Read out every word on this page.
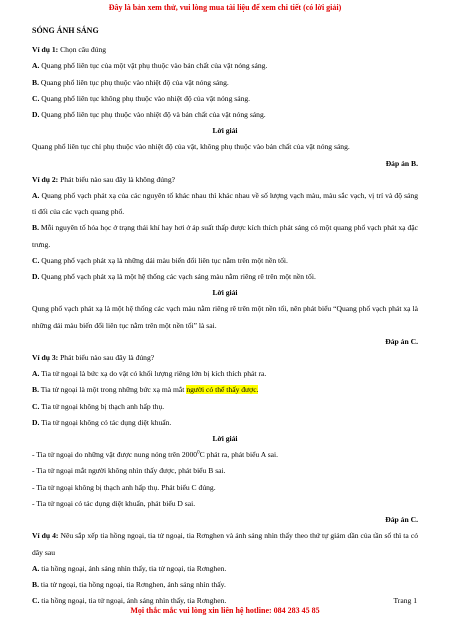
Đây là bản xem thử, vui lòng mua tài liệu để xem chi tiết (có lời giải)
SÓNG ÁNH SÁNG
Ví dụ 1: Chọn câu đúng
A. Quang phổ liên tục của một vật phụ thuộc vào bản chất của vật nóng sáng.
B. Quang phổ liên tục phụ thuộc vào nhiệt độ của vật nóng sáng.
C. Quang phổ liên tục không phụ thuộc vào nhiệt độ của vật nóng sáng.
D. Quang phổ liên tục phụ thuộc vào nhiệt độ và bản chất của vật nóng sáng.
Lời giải
Quang phổ liên tục chỉ phụ thuộc vào nhiệt độ của vật, không phụ thuộc vào bản chất của vật nóng sáng.
Đáp án B.
Ví dụ 2: Phát biểu nào sau đây là không đúng?
A. Quang phổ vạch phát xạ của các nguyên tố khác nhau thì khác nhau về số lượng vạch màu, màu sắc vạch, vị trí và độ sáng tỉ đối của các vạch quang phổ.
B. Mỗi nguyên tố hóa học ở trạng thái khí hay hơi ở áp suất thấp được kích thích phát sáng có một quang phổ vạch phát xạ đặc trưng.
C. Quang phổ vạch phát xạ là những dải màu biến đổi liên tục nằm trên một nền tối.
D. Quang phổ vạch phát xạ là một hệ thống các vạch sáng màu nằm riêng rẽ trên một nền tối.
Lời giải
Qung phổ vạch phát xạ là một hệ thống các vạch màu nằm riêng rẽ trên một nền tối, nên phát biểu “Quang phổ vạch phát xạ là những dải màu biến đổi liên tục nằm trên một nền tối” là sai.
Đáp án C.
Ví dụ 3: Phát biểu nào sau đây là đúng?
A. Tia tử ngoại là bức xạ do vật có khối lượng riêng lớn bị kích thích phát ra.
B. Tia tử ngoại là một trong những bức xạ mà mắt người có thể thấy được.
C. Tia tử ngoại không bị thạch anh hấp thụ.
D. Tia tử ngoại không có tác dụng diệt khuẩn.
Lời giải
- Tia tử ngoại do những vật được nung nóng trên 2000$^0$C phát ra, phát biểu A sai.
- Tia tử ngoại mắt người không nhìn thấy được, phát biểu B sai.
- Tia tử ngoại không bị thạch anh hấp thụ. Phát biểu C đúng.
- Tia tử ngoại có tác dụng diệt khuẩn, phát biểu D sai.
Đáp án C.
Ví dụ 4: Nêu sắp xếp tia hồng ngoại, tia tử ngoại, tia Rơnghen và ánh sáng nhìn thấy theo thứ tự giảm dần của tần số thì ta có dãy sau
A. tia hồng ngoại, ánh sáng nhìn thấy, tia tử ngoại, tia Rơnghen.
B. tia tử ngoại, tia hồng ngoại, tia Rơnghen, ánh sáng nhìn thấy.
C. tia hồng ngoại, tia tử ngoại, ánh sáng nhìn thấy, tia Rơnghen.	Trang 1
Mọi thắc mắc vui lòng xin liên hệ hotline: 084 283 45 85
